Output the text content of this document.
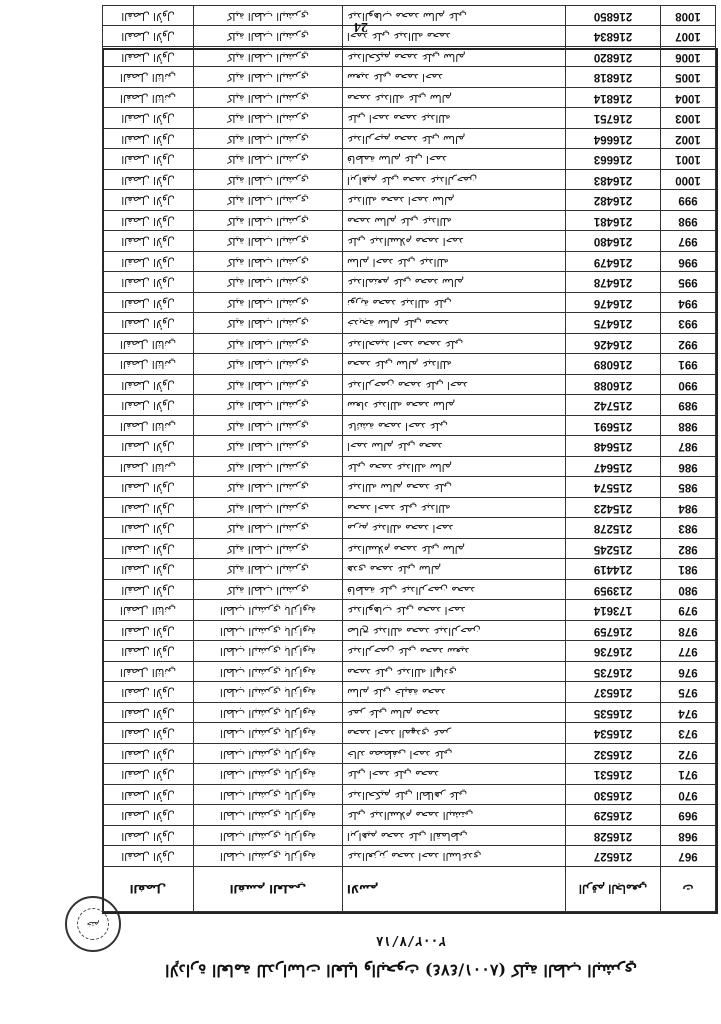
الإدارة العامة للدراسات العليا والبحوث (٨٠٠١/٤٧٤) كلية الطب البشري
٢٠٠٢/٧/١٨
ختم
ت	الرقم الجامعي	الاسم	القسم العلمي	الفصل
967	216527	عبدالعزيز محمد احمد الساعدي	الطب البشري بالزاوية	الفصل الأول
968	216528	ابراهيم محمد علي القماطي	الطب البشري بالزاوية	الفصل الأول
969	216529	علي عبدالسلام محمد البشتي	الطب البشري بالزاوية	الفصل الأول
970	216530	عبدالحكيم علي الطاهر علي	الطب البشري بالزاوية	الفصل الأول
971	216531	علي احمد علي محمد	الطب البشري بالزاوية	الفصل الأول
972	216532	خالد مصطفى احمد علي	الطب البشري بالزاوية	الفصل الأول
973	216534	محمد احمد المهدي عمر	الطب البشري بالزاوية	الفصل الأول
974	216535	عمر علي سالم محمد	الطب البشري بالزاوية	الفصل الأول
975	216537	سالم علي خليفة محمد	الطب البشري بالزاوية	الفصل الأول
976	216735	محمد علي عبدالله الهادي	الطب البشري بالزاوية	الفصل الثاني
977	216736	عبدالرحمن علي محمد سعيد	الطب البشري بالزاوية	الفصل الأول
978	216759	صالح عبدالله محمد عبدالرحمن	الطب البشري بالزاوية	الفصل الأول
979	173614	عبدالوهاب علي محمد احمد	الطب البشري بالزاوية	الفصل الثاني
980	213959	فاطمة علي عبدالرحمن محمد	كلية الطب البشري	الفصل الأول
981	214419	هدى محمد علي سالم	كلية الطب البشري	الفصل الأول
982	215245	عبدالسلام محمد علي سالم	كلية الطب البشري	الفصل الأول
983	215278	مريم عبدالله محمد احمد	كلية الطب البشري	الفصل الأول
984	215423	محمد احمد علي عبدالله	كلية الطب البشري	الفصل الأول
985	215574	عبدالله سالم محمد علي	كلية الطب البشري	الفصل الأول
986	215647	علي محمد عبدالله سالم	كلية الطب البشري	الفصل الثاني
987	215648	احمد سالم علي محمد	كلية الطب البشري	الفصل الأول
988	215691	عائشة محمد احمد علي	كلية الطب البشري	الفصل الثاني
989	215742	سعاد عبدالله محمد سالم	كلية الطب البشري	الفصل الأول
990	216088	عبدالرحمن محمد علي احمد	كلية الطب البشري	الفصل الأول
991	216089	محمد علي سالم عبدالله	كلية الطب البشري	الفصل الثاني
992	216426	عبدالحميد احمد محمد علي	كلية الطب البشري	الفصل الثاني
993	216475	خديجة سالم علي محمد	كلية الطب البشري	الفصل الأول
994	216476	نورية محمد عبدالله علي	كلية الطب البشري	الفصل الأول
995	216478	عبدالمنعم علي محمد سالم	كلية الطب البشري	الفصل الأول
996	216479	سالم احمد علي عبدالله	كلية الطب البشري	الفصل الأول
997	216480	علي عبدالسلام محمد احمد	كلية الطب البشري	الفصل الأول
998	216481	محمد سالم علي عبدالله	كلية الطب البشري	الفصل الأول
999	216482	عبدالله محمد احمد سالم	كلية الطب البشري	الفصل الأول
1000	216483	ابراهيم علي محمد عبدالرحمن	كلية الطب البشري	الفصل الأول
1001	216663	فاطمة سالم علي احمد	كلية الطب البشري	الفصل الأول
1002	216664	عبدالرحيم محمد علي سالم	كلية الطب البشري	الفصل الأول
1003	216751	علي احمد محمد عبدالله	كلية الطب البشري	الفصل الأول
1004	216814	محمد عبدالله علي سالم	كلية الطب البشري	الفصل الثاني
1005	216818	سعيد علي محمد احمد	كلية الطب البشري	الفصل الثاني
1006	216820	عبدالحكيم محمد علي سالم	كلية الطب البشري	الفصل الأول
1007	216834	احمد علي عبدالله محمد	كلية الطب البشري	الفصل الأول
1008	216850	عبدالوهاب محمد سالم علي	كلية الطب البشري	الفصل الأول
24
